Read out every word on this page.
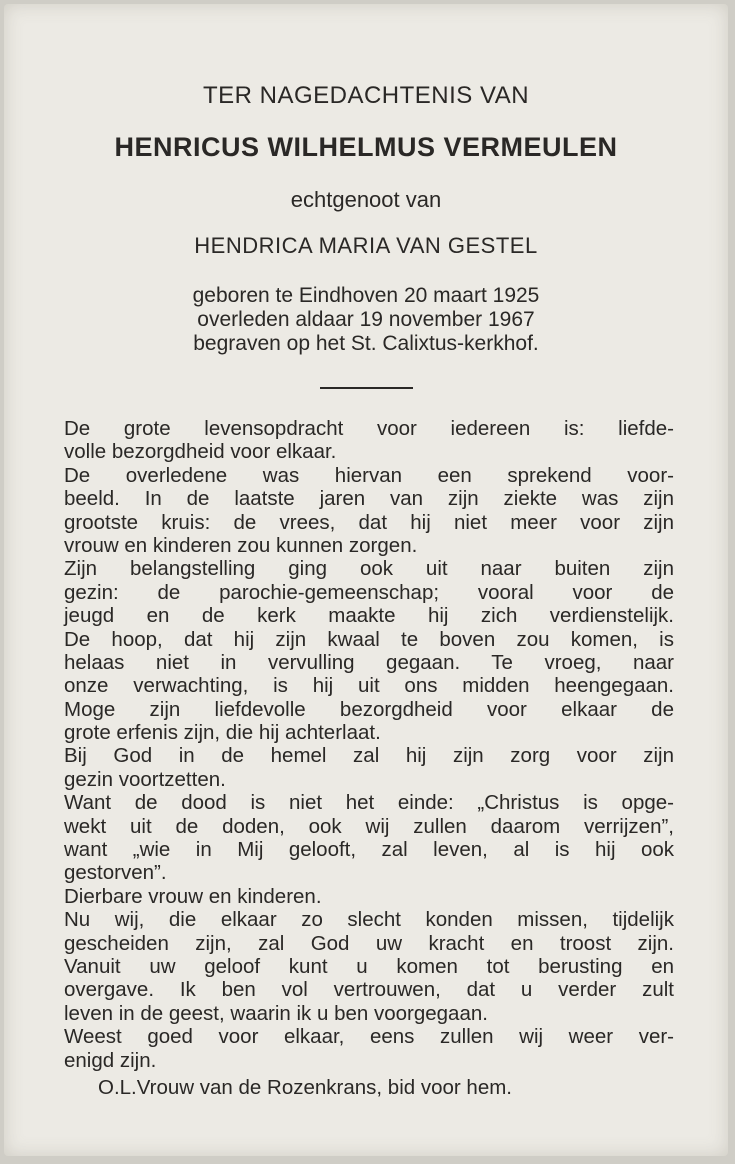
TER NAGEDACHTENIS VAN
HENRICUS WILHELMUS VERMEULEN
echtgenoot van
HENDRICA MARIA VAN GESTEL
geboren te Eindhoven 20 maart 1925
overleden aldaar 19 november 1967
begraven op het St. Calixtus-kerkhof.
De grote levensopdracht voor iedereen is: liefde-
volle bezorgdheid voor elkaar.
De overledene was hiervan een sprekend voor-
beeld. In de laatste jaren van zijn ziekte was zijn
grootste kruis: de vrees, dat hij niet meer voor zijn
vrouw en kinderen zou kunnen zorgen.
Zijn belangstelling ging ook uit naar buiten zijn
gezin: de parochie-gemeenschap; vooral voor de
jeugd en de kerk maakte hij zich verdienstelijk.
De hoop, dat hij zijn kwaal te boven zou komen, is
helaas niet in vervulling gegaan. Te vroeg, naar
onze verwachting, is hij uit ons midden heengegaan.
Moge zijn liefdevolle bezorgdheid voor elkaar de
grote erfenis zijn, die hij achterlaat.
Bij God in de hemel zal hij zijn zorg voor zijn
gezin voortzetten.
Want de dood is niet het einde: „Christus is opge-
wekt uit de doden, ook wij zullen daarom verrijzen”,
want „wie in Mij gelooft, zal leven, al is hij ook
gestorven”.
Dierbare vrouw en kinderen.
Nu wij, die elkaar zo slecht konden missen, tijdelijk
gescheiden zijn, zal God uw kracht en troost zijn.
Vanuit uw geloof kunt u komen tot berusting en
overgave. Ik ben vol vertrouwen, dat u verder zult
leven in de geest, waarin ik u ben voorgegaan.
Weest goed voor elkaar, eens zullen wij weer ver-
enigd zijn.
O.L.Vrouw van de Rozenkrans, bid voor hem.
